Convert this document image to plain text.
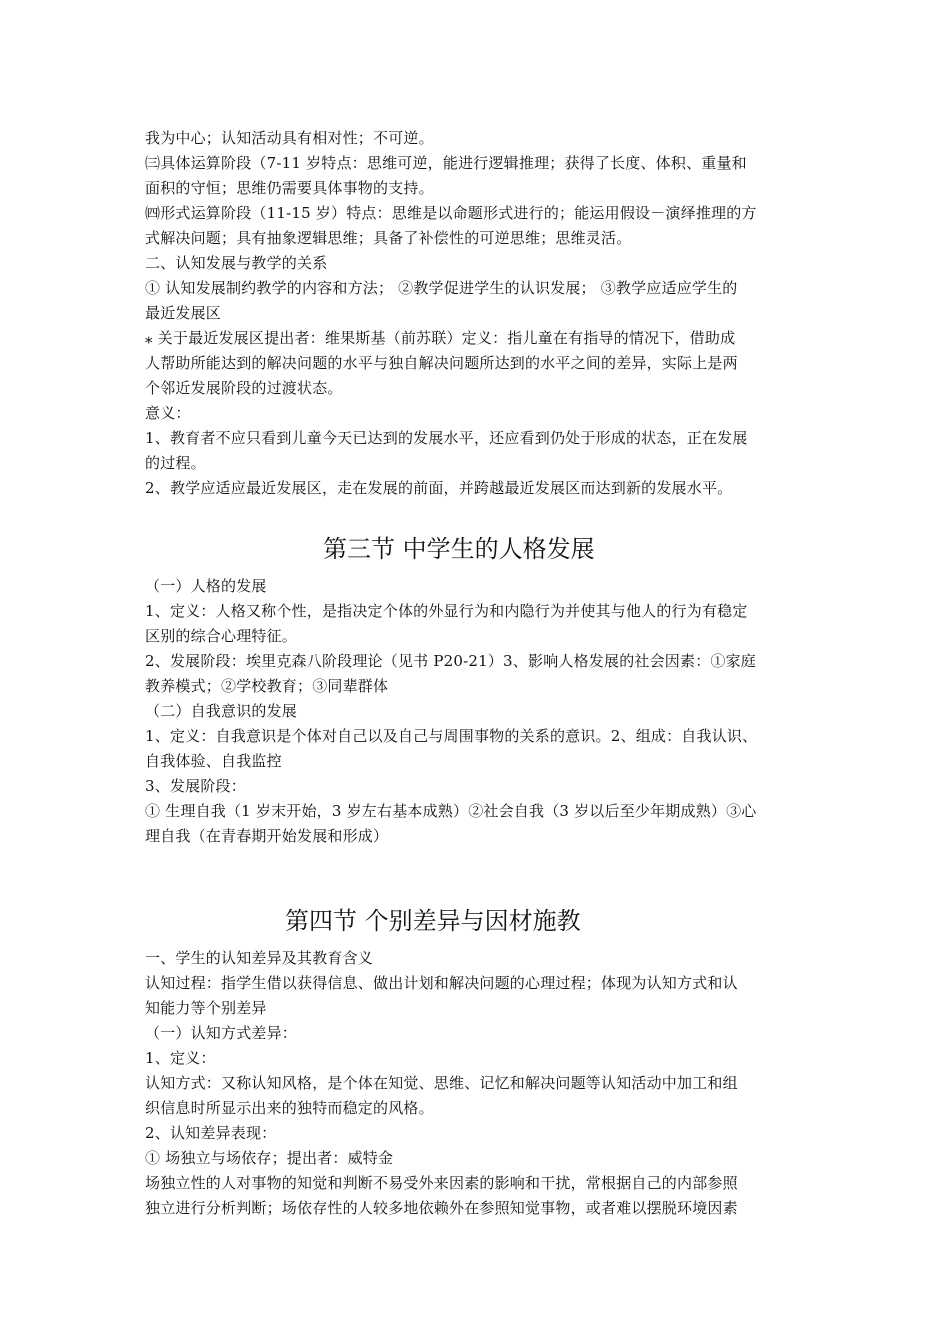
我为中心；认知活动具有相对性；不可逆。
㈢具体运算阶段（7-11 岁特点：思维可逆，能进行逻辑推理；获得了长度、体积、重量和
面积的守恒；思维仍需要具体事物的支持。
㈣形式运算阶段（11-15 岁）特点：思维是以命题形式进行的；能运用假设－演绎推理的方
式解决问题；具有抽象逻辑思维；具备了补偿性的可逆思维；思维灵活。
二、认知发展与教学的关系
① 认知发展制约教学的内容和方法； ②教学促进学生的认识发展； ③教学应适应学生的
最近发展区
⁎ 关于最近发展区提出者：维果斯基（前苏联）定义：指儿童在有指导的情况下，借助成
人帮助所能达到的解决问题的水平与独自解决问题所达到的水平之间的差异，实际上是两
个邻近发展阶段的过渡状态。
意义：
1、教育者不应只看到儿童今天已达到的发展水平，还应看到仍处于形成的状态，正在发展
的过程。
2、教学应适应最近发展区，走在发展的前面，并跨越最近发展区而达到新的发展水平。
第三节 中学生的人格发展
（一）人格的发展
1、定义：人格又称个性，是指决定个体的外显行为和内隐行为并使其与他人的行为有稳定
区别的综合心理特征。
2、发展阶段：埃里克森八阶段理论（见书 P20-21）3、影响人格发展的社会因素：①家庭
教养模式；②学校教育；③同辈群体
（二）自我意识的发展
1、定义：自我意识是个体对自己以及自己与周围事物的关系的意识。2、组成：自我认识、
自我体验、自我监控
3、发展阶段：
① 生理自我（1 岁末开始，3 岁左右基本成熟）②社会自我（3 岁以后至少年期成熟）③心
理自我（在青春期开始发展和形成）
第四节 个别差异与因材施教
一、学生的认知差异及其教育含义
认知过程：指学生借以获得信息、做出计划和解决问题的心理过程；体现为认知方式和认
知能力等个别差异
（一）认知方式差异：
1、定义：
认知方式：又称认知风格，是个体在知觉、思维、记忆和解决问题等认知活动中加工和组
织信息时所显示出来的独特而稳定的风格。
2、认知差异表现：
① 场独立与场依存；提出者：威特金
场独立性的人对事物的知觉和判断不易受外来因素的影响和干扰，常根据自己的内部参照
独立进行分析判断；场依存性的人较多地依赖外在参照知觉事物，或者难以摆脱环境因素
